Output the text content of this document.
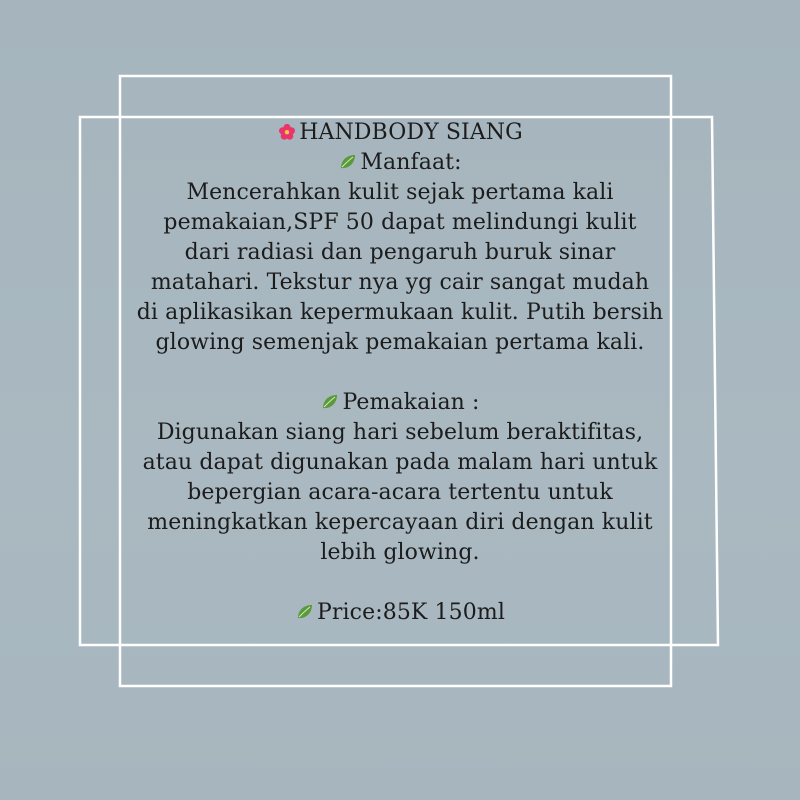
HANDBODY SIANG
Manfaat:
Mencerahkan kulit sejak pertama kali
pemakaian,SPF 50 dapat melindungi kulit
dari radiasi dan pengaruh buruk sinar
matahari. Tekstur nya yg cair sangat mudah
di aplikasikan kepermukaan kulit. Putih bersih
glowing semenjak pemakaian pertama kali.
Pemakaian :
Digunakan siang hari sebelum beraktifitas,
atau dapat digunakan pada malam hari untuk
bepergian acara-acara tertentu untuk
meningkatkan kepercayaan diri dengan kulit
lebih glowing.
Price:85K 150ml
